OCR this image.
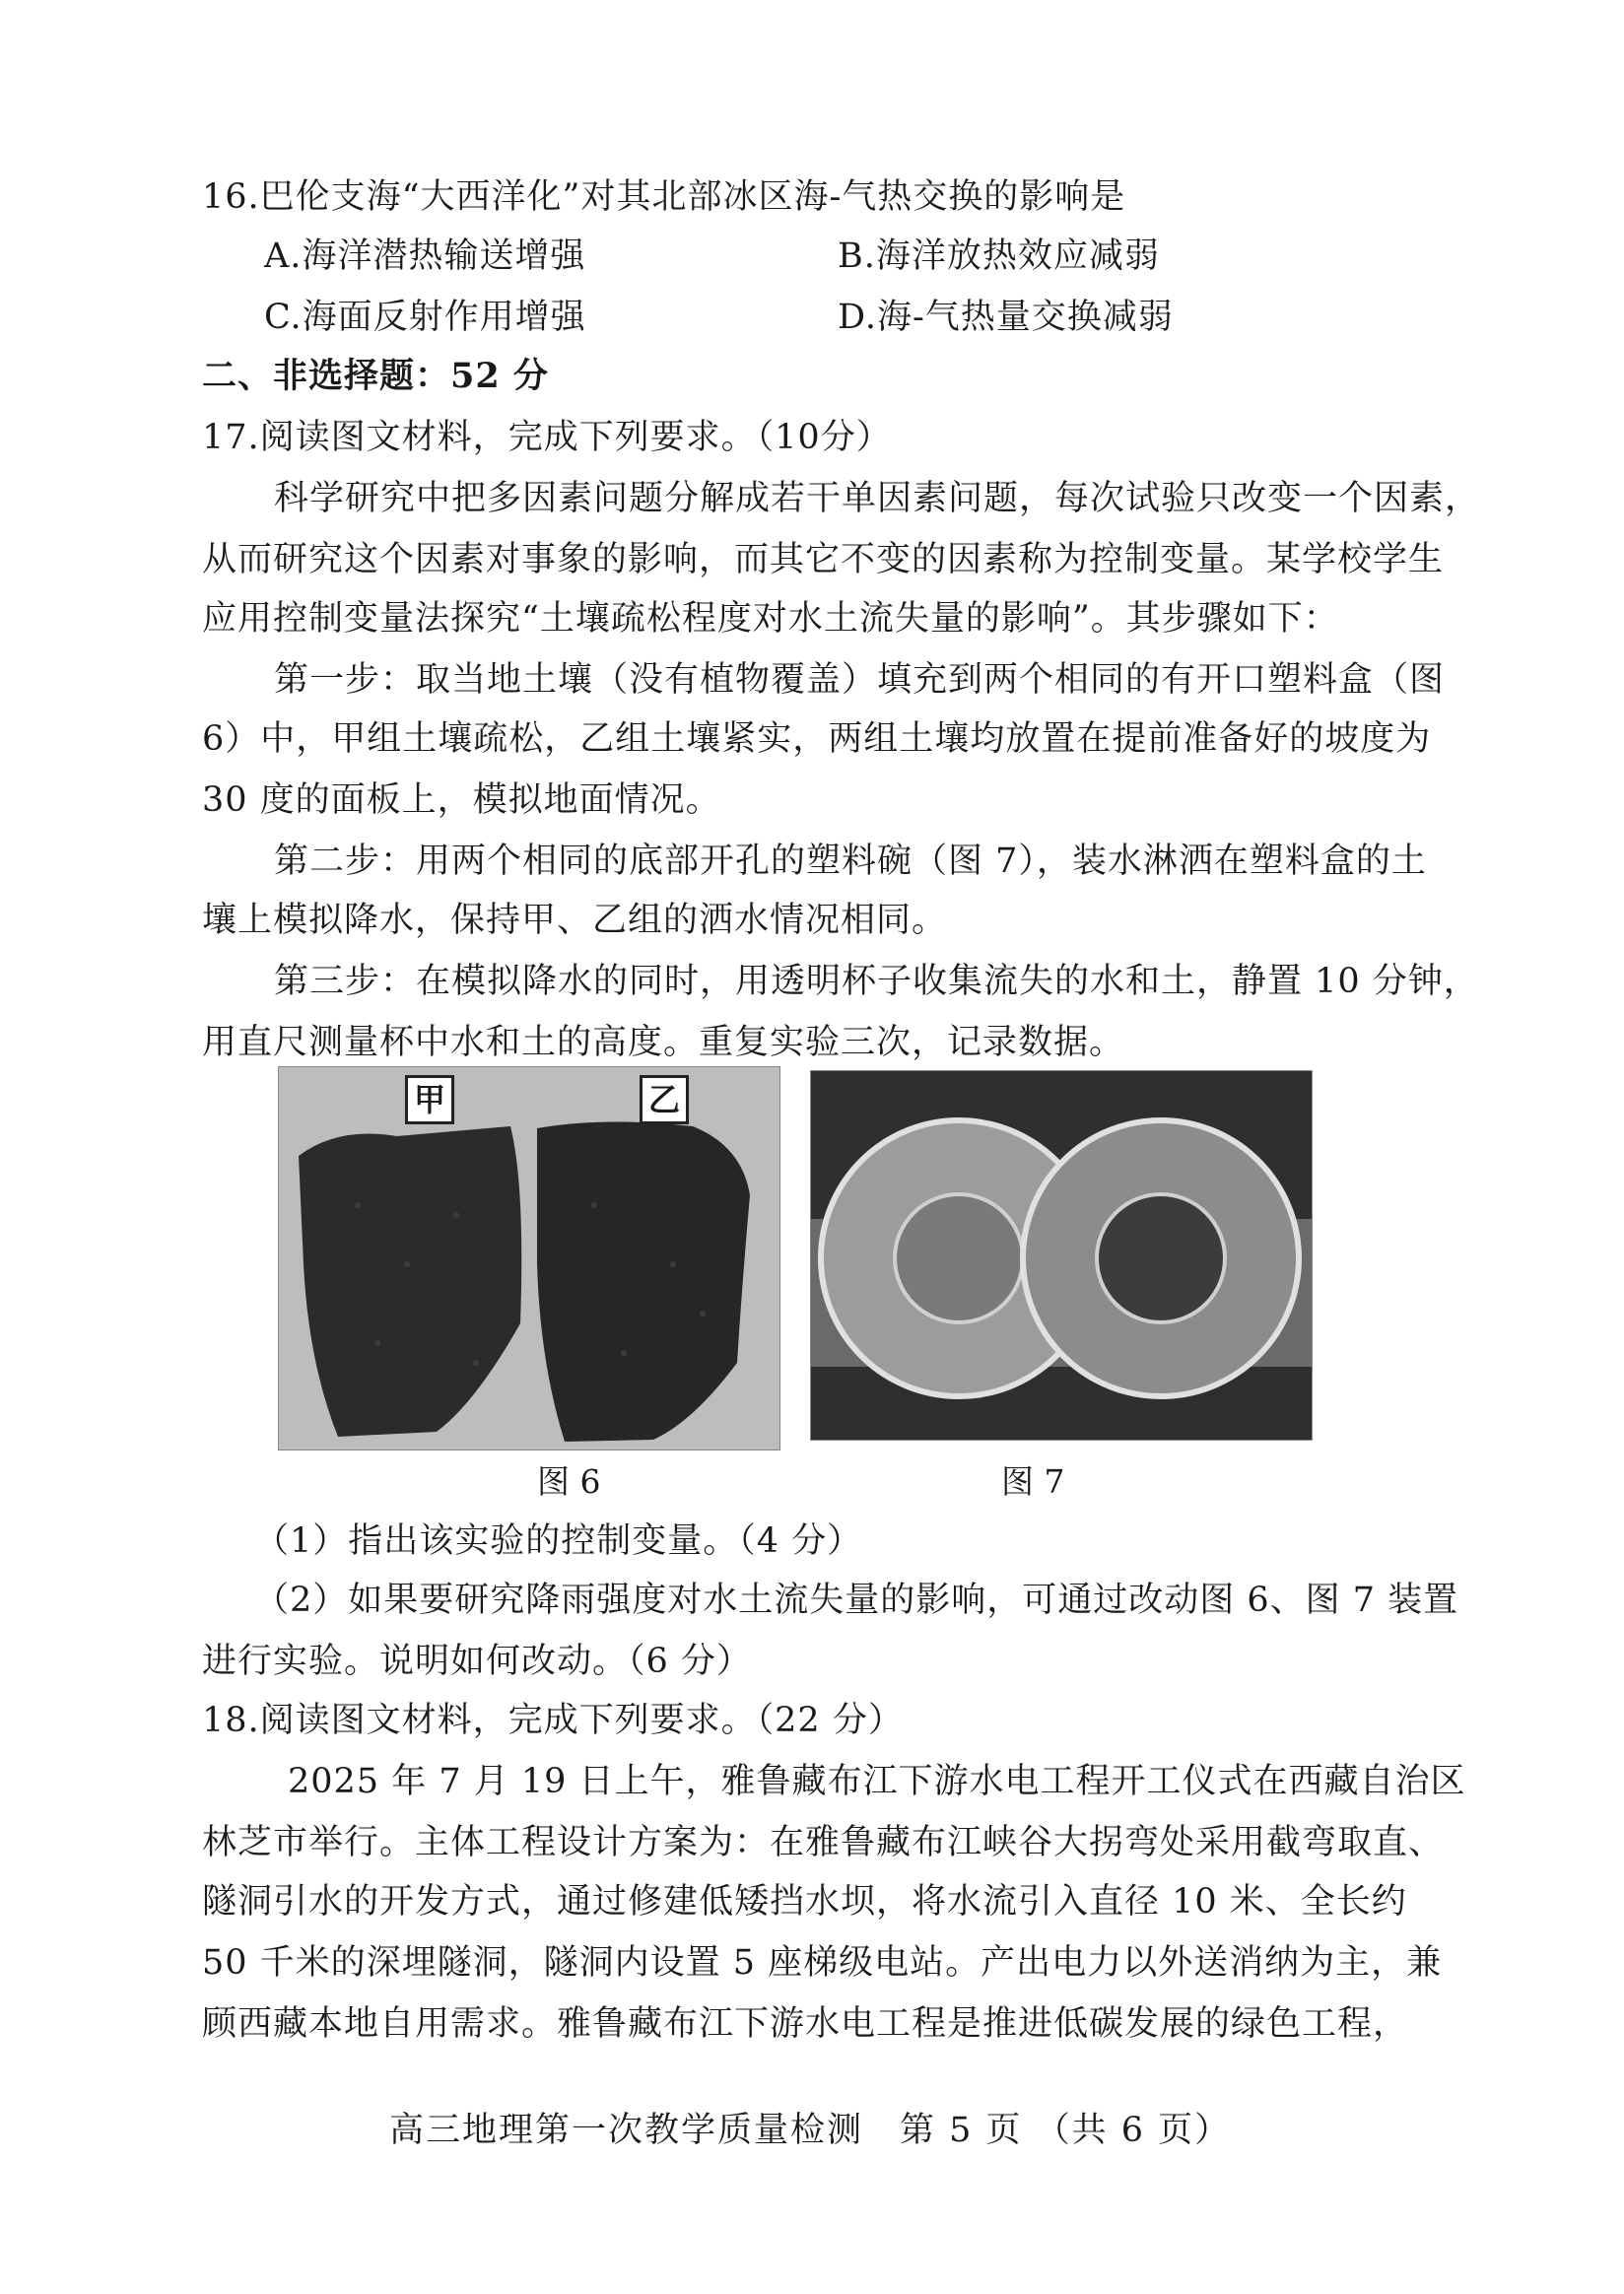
16.巴伦支海“大西洋化”对其北部冰区海-气热交换的影响是
A.海洋潜热输送增强	B.海洋放热效应减弱
C.海面反射作用增强	D.海-气热量交换减弱
二、非选择题：52 分
17.阅读图文材料，完成下列要求。（10分）
科学研究中把多因素问题分解成若干单因素问题，每次试验只改变一个因素，
从而研究这个因素对事象的影响，而其它不变的因素称为控制变量。某学校学生
应用控制变量法探究“土壤疏松程度对水土流失量的影响”。其步骤如下：
第一步：取当地土壤（没有植物覆盖）填充到两个相同的有开口塑料盒（图
6）中，甲组土壤疏松，乙组土壤紧实，两组土壤均放置在提前准备好的坡度为
30 度的面板上，模拟地面情况。
第二步：用两个相同的底部开孔的塑料碗（图 7），装水淋洒在塑料盒的土
壤上模拟降水，保持甲、乙组的洒水情况相同。
第三步：在模拟降水的同时，用透明杯子收集流失的水和土，静置 10 分钟，
用直尺测量杯中水和土的高度。重复实验三次，记录数据。
甲	乙
图 6	图 7
（1）指出该实验的控制变量。（4 分）
（2）如果要研究降雨强度对水土流失量的影响，可通过改动图 6、图 7 装置
进行实验。说明如何改动。（6 分）
18.阅读图文材料，完成下列要求。（22 分）
2025 年 7 月 19 日上午，雅鲁藏布江下游水电工程开工仪式在西藏自治区
林芝市举行。主体工程设计方案为：在雅鲁藏布江峡谷大拐弯处采用截弯取直、
隧洞引水的开发方式，通过修建低矮挡水坝，将水流引入直径 10 米、全长约
50 千米的深埋隧洞，隧洞内设置 5 座梯级电站。产出电力以外送消纳为主，兼
顾西藏本地自用需求。雅鲁藏布江下游水电工程是推进低碳发展的绿色工程，
高三地理第一次教学质量检测　第 5 页 （共 6 页）
